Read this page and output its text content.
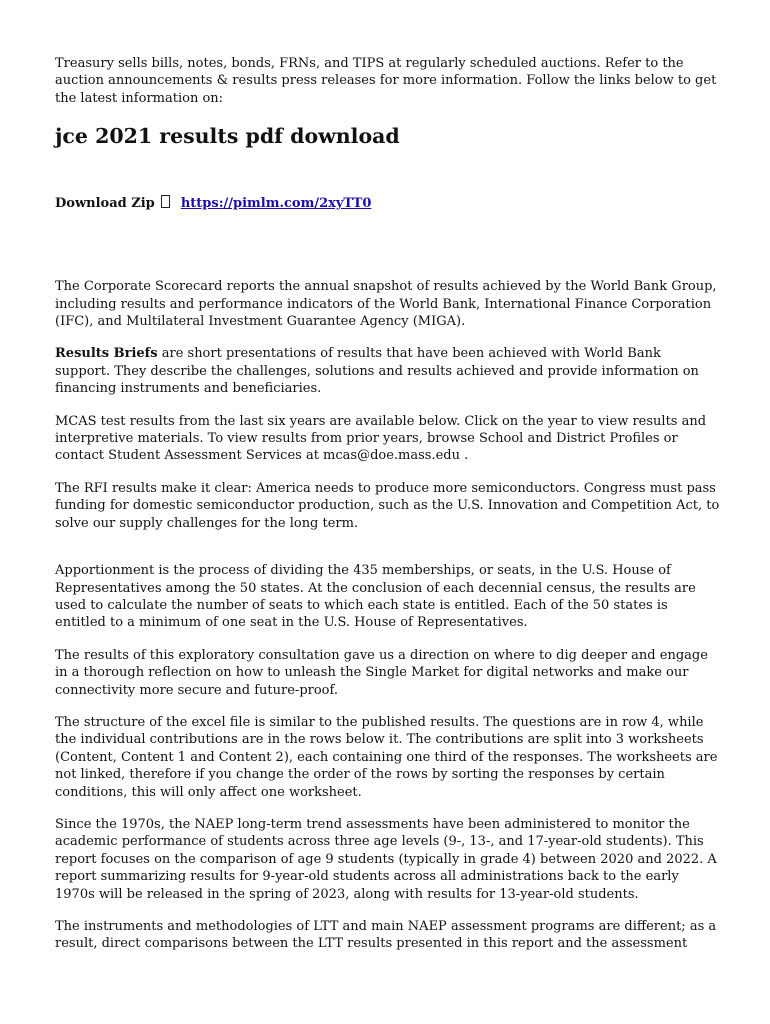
Treasury sells bills, notes, bonds, FRNs, and TIPS at regularly scheduled auctions. Refer to the auction announcements & results press releases for more information. Follow the links below to get the latest information on:

jce 2021 results pdf download
Download Zip https://pimlm.com/2xyTT0

The Corporate Scorecard reports the annual snapshot of results achieved by the World Bank Group, including results and performance indicators of the World Bank, International Finance Corporation (IFC), and Multilateral Investment Guarantee Agency (MIGA).

Results Briefs are short presentations of results that have been achieved with World Bank support. They describe the challenges, solutions and results achieved and provide information on financing instruments and beneficiaries.

MCAS test results from the last six years are available below. Click on the year to view results and interpretive materials. To view results from prior years, browse School and District Profiles or contact Student Assessment Services at mcas@doe.mass.edu .

The RFI results make it clear: America needs to produce more semiconductors. Congress must pass funding for domestic semiconductor production, such as the U.S. Innovation and Competition Act, to solve our supply challenges for the long term.

Apportionment is the process of dividing the 435 memberships, or seats, in the U.S. House of Representatives among the 50 states. At the conclusion of each decennial census, the results are used to calculate the number of seats to which each state is entitled. Each of the 50 states is entitled to a minimum of one seat in the U.S. House of Representatives.

The results of this exploratory consultation gave us a direction on where to dig deeper and engage in a thorough reflection on how to unleash the Single Market for digital networks and make our connectivity more secure and future-proof.

The structure of the excel file is similar to the published results. The questions are in row 4, while the individual contributions are in the rows below it. The contributions are split into 3 worksheets (Content, Content 1 and Content 2), each containing one third of the responses. The worksheets are not linked, therefore if you change the order of the rows by sorting the responses by certain conditions, this will only affect one worksheet.

Since the 1970s, the NAEP long-term trend assessments have been administered to monitor the academic performance of students across three age levels (9-, 13-, and 17-year-old students). This report focuses on the comparison of age 9 students (typically in grade 4) between 2020 and 2022. A report summarizing results for 9-year-old students across all administrations back to the early 1970s will be released in the spring of 2023, along with results for 13-year-old students.

The instruments and methodologies of LTT and main NAEP assessment programs are different; as a result, direct comparisons between the LTT results presented in this report and the assessment
